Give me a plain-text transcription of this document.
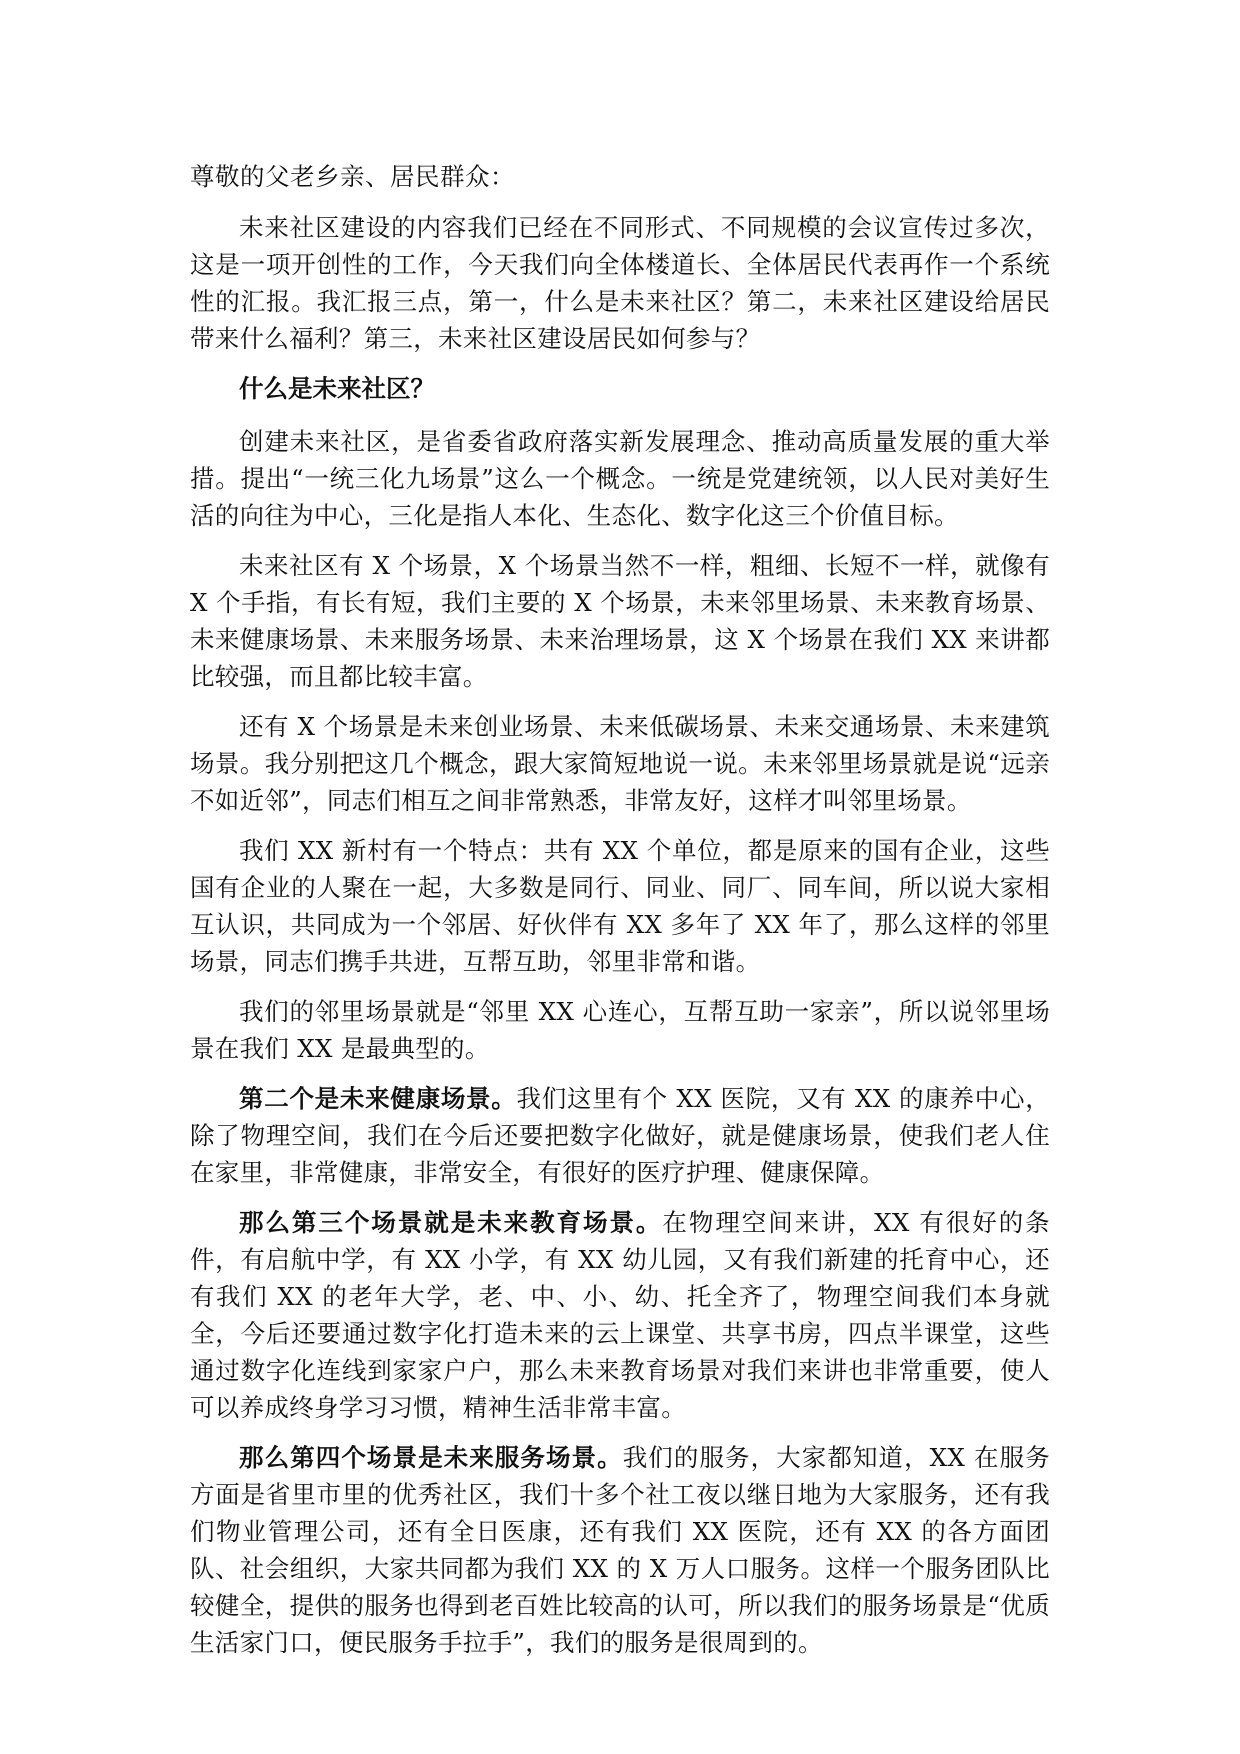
尊敬的父老乡亲、居民群众：

未来社区建设的内容我们已经在不同形式、不同规模的会议宣传过多次，这是一项开创性的工作，今天我们向全体楼道长、全体居民代表再作一个系统性的汇报。我汇报三点，第一，什么是未来社区？第二，未来社区建设给居民带来什么福利？第三，未来社区建设居民如何参与？

什么是未来社区？

创建未来社区，是省委省政府落实新发展理念、推动高质量发展的重大举措。提出“一统三化九场景”这么一个概念。一统是党建统领，以人民对美好生活的向往为中心，三化是指人本化、生态化、数字化这三个价值目标。

未来社区有 X 个场景，X 个场景当然不一样，粗细、长短不一样，就像有 X 个手指，有长有短，我们主要的 X 个场景，未来邻里场景、未来教育场景、未来健康场景、未来服务场景、未来治理场景，这 X 个场景在我们 XX 来讲都比较强，而且都比较丰富。

还有 X 个场景是未来创业场景、未来低碳场景、未来交通场景、未来建筑场景。我分别把这几个概念，跟大家简短地说一说。未来邻里场景就是说“远亲不如近邻”，同志们相互之间非常熟悉，非常友好，这样才叫邻里场景。

我们 XX 新村有一个特点：共有 XX 个单位，都是原来的国有企业，这些国有企业的人聚在一起，大多数是同行、同业、同厂、同车间，所以说大家相互认识，共同成为一个邻居、好伙伴有 XX 多年了 XX 年了，那么这样的邻里场景，同志们携手共进，互帮互助，邻里非常和谐。

我们的邻里场景就是“邻里 XX 心连心，互帮互助一家亲”，所以说邻里场景在我们 XX 是最典型的。

第二个是未来健康场景。我们这里有个 XX 医院，又有 XX 的康养中心，除了物理空间，我们在今后还要把数字化做好，就是健康场景，使我们老人住在家里，非常健康，非常安全，有很好的医疗护理、健康保障。

那么第三个场景就是未来教育场景。在物理空间来讲，XX 有很好的条件，有启航中学，有 XX 小学，有 XX 幼儿园，又有我们新建的托育中心，还有我们 XX 的老年大学，老、中、小、幼、托全齐了，物理空间我们本身就全，今后还要通过数字化打造未来的云上课堂、共享书房，四点半课堂，这些通过数字化连线到家家户户，那么未来教育场景对我们来讲也非常重要，使人可以养成终身学习习惯，精神生活非常丰富。

那么第四个场景是未来服务场景。我们的服务，大家都知道，XX 在服务方面是省里市里的优秀社区，我们十多个社工夜以继日地为大家服务，还有我们物业管理公司，还有全日医康，还有我们 XX 医院，还有 XX 的各方面团队、社会组织，大家共同都为我们 XX 的 X 万人口服务。这样一个服务团队比较健全，提供的服务也得到老百姓比较高的认可，所以我们的服务场景是“优质生活家门口，便民服务手拉手”，我们的服务是很周到的。
